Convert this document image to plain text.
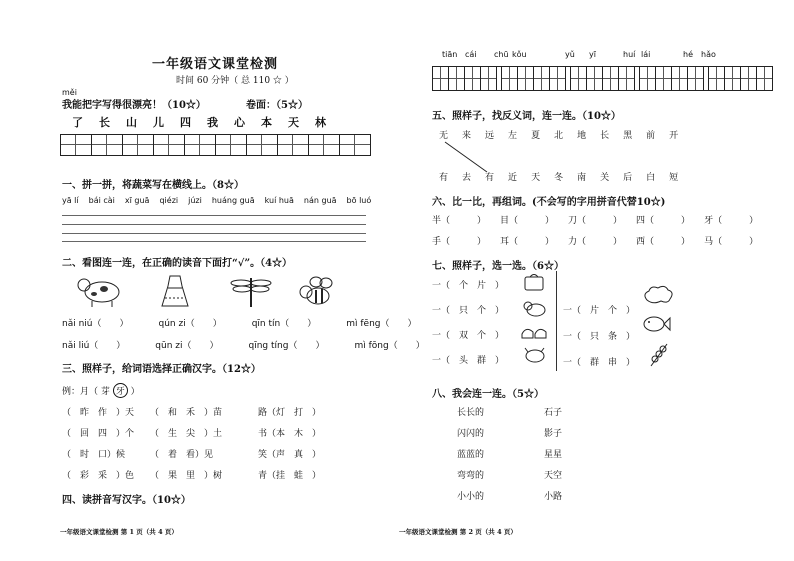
一年级语文课堂检测
时间 60 分钟（ 总 110 ☆ ）
měi
我能把字写得很漂亮！（10☆）	卷面：（5☆）
了 长 山 儿 四 我 心 本 天 林
一、拼一拼，将蔬菜写在横线上。（8☆）
yā lí bái cài xī guā qiézi júzi huáng guā kuí huā nán guā bō luó
二、看图连一连，在正确的读音下面打“√”。（4☆）
nǎi niú（　　）	qún zi（　　）	qīn tín（　　）	mì fēng（　　）
nǎi liú（　　）	qūn zi（　　）	qīng tíng（　　）	mì fōng（　　）
三、照样子，给词语选择正确汉字。（12☆）
例：月（ 芽 牙 ）
（　昨　作　）天 （　和　禾　）苗	路（灯　打　）
（　回　四　）个 （　生　尖　）土	书（本　木　）
（　时　口）候	（　着　看）见	笑（声　真　）
（　彩　采　）色 （　果　里　）树	青（挂　蛙　）
四、读拼音写汉字。（10☆）
一年级语文课堂检测 第 1 页（共 4 页）
tiān cái chū kǒu	yǔ yī	huí lái	hé hǎo
五、照样子，找反义词，连一连。（10☆）
无 来 远 左 夏 北 地 长 黑 前 开
有 去 有 近 天 冬 南 关 后 白 短
六、比一比，再组词。(不会写的字用拼音代替10☆)
半（　　　） 目（　　　） 刀（　　　） 四（　　　） 牙（　　　）
手（　　　） 耳（　　　） 力（　　　） 西（　　　） 马（　　　）
七、照样子，选一选。（6☆）
一（　个　片　）
一（　只　个　）
一（　双　个　）
一（　头　群　）
一（　片　个　）
一（　只　条　）
一（　群　串　）
八、我会连一连。（5☆）
长长的
闪闪的
蓝蓝的
弯弯的
小小的
石子
影子
星星
天空
小路
一年级语文课堂检测 第 2 页（共 4 页）
